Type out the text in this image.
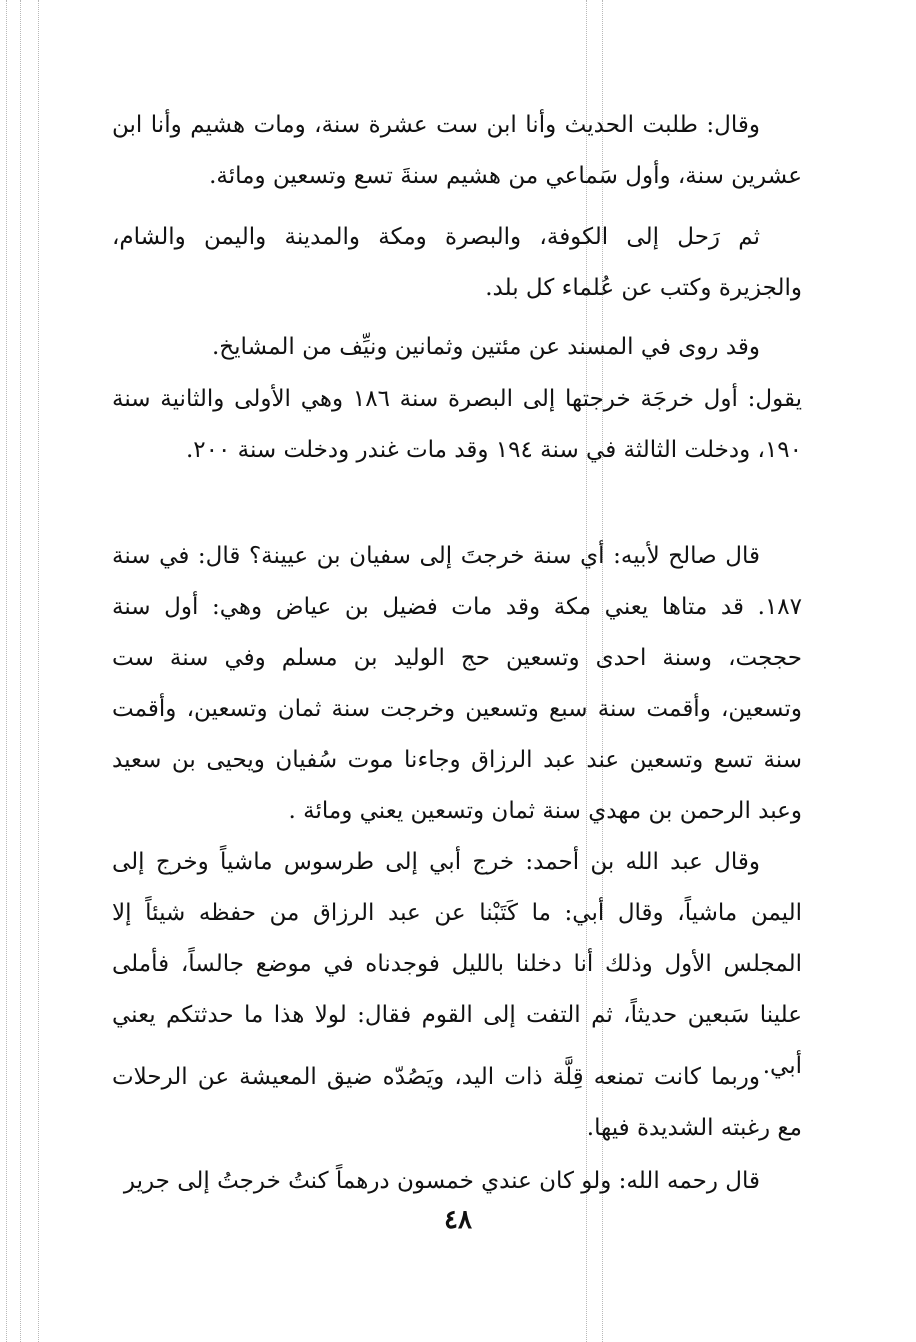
وقال: طلبت الحديث وأنا ابن ست عشرة سنة، ومات هشيم وأنا ابن عشرين سنة، وأول سَماعي من هشيم سنةَ تسع وتسعين ومائة.

ثم رَحل إلى الكوفة، والبصرة ومكة والمدينة واليمن والشام، والجزيرة وكتب عن عُلماء كل بلد.

وقد روى في المسند عن مئتين وثمانين ونيِّف من المشايخ.

يقول: أول خرجَة خرجتها إلى البصرة سنة ١٨٦ وهي الأولى والثانية سنة ١٩٠، ودخلت الثالثة في سنة ١٩٤ وقد مات غندر ودخلت سنة ٢٠٠.

قال صالح لأبيه: أي سنة خرجتَ إلى سفيان بن عيينة؟ قال: في سنة ١٨٧. قد متاها يعني مكة وقد مات فضيل بن عياض وهي: أول سنة حججت، وسنة احدى وتسعين حج الوليد بن مسلم وفي سنة ست وتسعين، وأقمت سنة سبع وتسعين وخرجت سنة ثمان وتسعين، وأقمت سنة تسع وتسعين عند عبد الرزاق وجاءنا موت سُفيان ويحيى بن سعيد وعبد الرحمن بن مهدي سنة ثمان وتسعين يعني ومائة .

وقال عبد الله بن أحمد: خرج أبي إلى طرسوس ماشياً وخرج إلى اليمن ماشياً، وقال أبي: ما كَتَبْنا عن عبد الرزاق من حفظه شيئاً إلا المجلس الأول وذلك أنا دخلنا بالليل فوجدناه في موضع جالساً، فأملى علينا سَبعين حديثاً، ثم التفت إلى القوم فقال: لولا هذا ما حدثتكم يعني أبي.

وربما كانت تمنعه قِلَّة ذات اليد، ويَصُدّه ضيق المعيشة عن الرحلات مع رغبته الشديدة فيها.

قال رحمه الله: ولو كان عندي خمسون درهماً كنتُ خرجتُ إلى جرير

٤٨
